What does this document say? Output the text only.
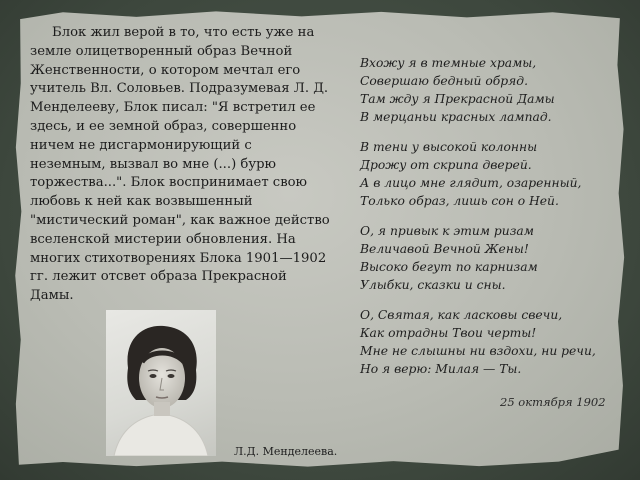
Блок жил верой в то, что есть уже на земле олицетворенный образ Вечной Женственности, о котором мечтал его учитель Вл. Соловьев. Подразумевая Л. Д. Менделееву, Блок писал: "Я встретил ее здесь, и ее земной образ, совершенно ничем не дисгармонирующий с неземным, вызвал во мне (...) бурю торжества...". Блок воспринимает свою любовь к ней как возвышенный "мистический роман", как важное действо вселенской мистерии обновления. На многих стихотворениях Блока 1901—1902 гг. лежит отсвет образа Прекрасной Дамы.

Вхожу я в темные храмы,
Совершаю бедный обряд.
Там жду я Прекрасной Дамы
В мерцаньи красных лампад.
В тени у высокой колонны
Дрожу от скрипа дверей.
А в лицо мне глядит, озаренный,
Только образ, лишь сон о Ней.
О, я привык к этим ризам
Величавой Вечной Жены!
Высоко бегут по карнизам
Улыбки, сказки и сны.
О, Святая, как ласковы свечи,
Как отрадны Твои черты!
Мне не слышны ни вздохи, ни речи,
Но я верю: Милая — Ты.
25 октября 1902
Л.Д. Менделеева.
